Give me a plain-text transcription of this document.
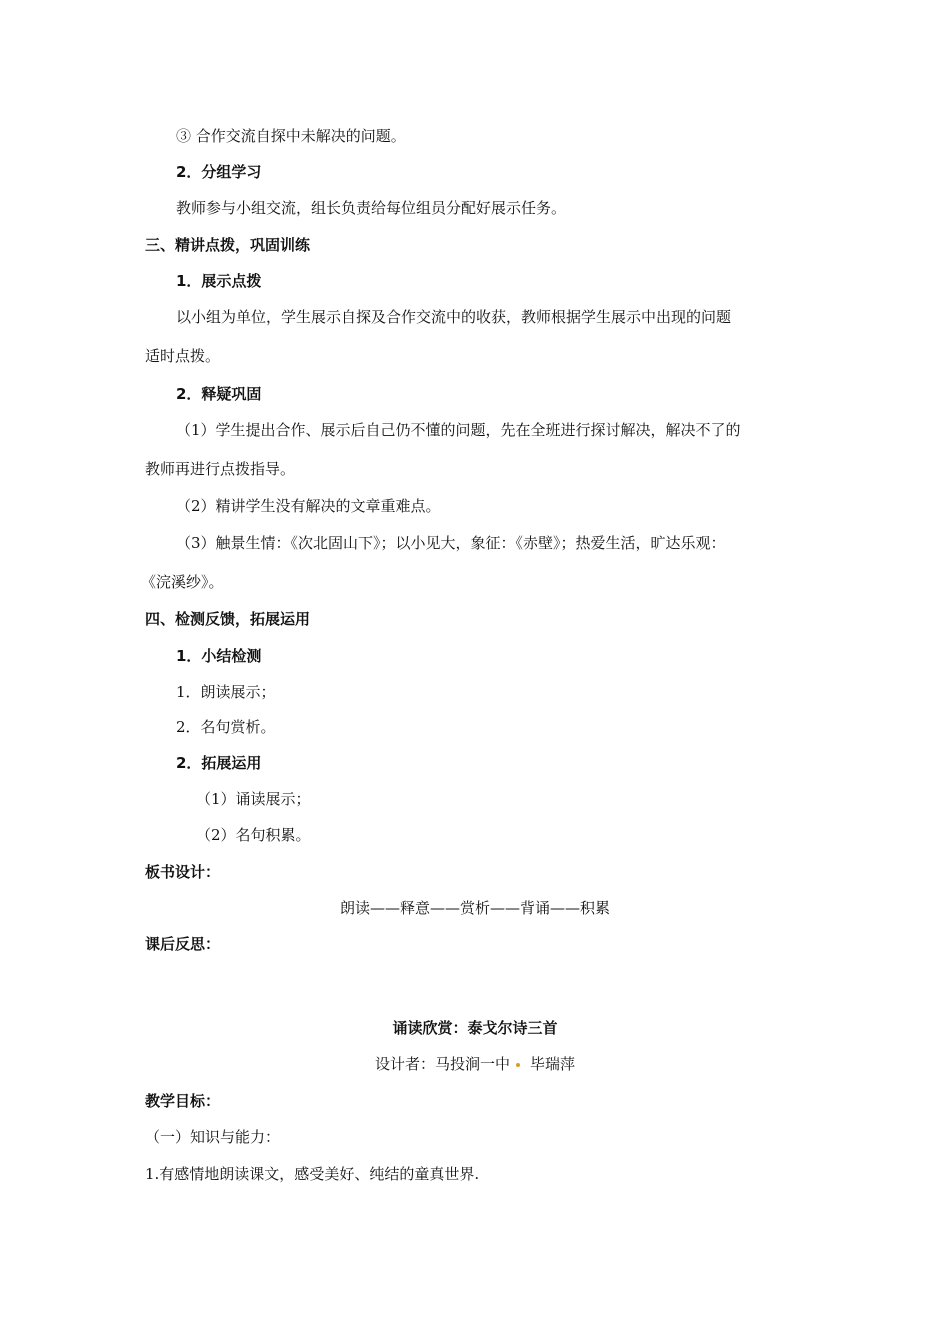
③ 合作交流自探中未解决的问题。
2．分组学习
教师参与小组交流，组长负责给每位组员分配好展示任务。
三、精讲点拨，巩固训练
1．展示点拨
以小组为单位，学生展示自探及合作交流中的收获，教师根据学生展示中出现的问题
适时点拨。
2．释疑巩固
（1）学生提出合作、展示后自己仍不懂的问题，先在全班进行探讨解决，解决不了的
教师再进行点拨指导。
（2）精讲学生没有解决的文章重难点。
（3）触景生情：《次北固山下》；以小见大，象征：《赤壁》；热爱生活，旷达乐观：
《浣溪纱》。
四、检测反馈，拓展运用
1．小结检测
1．朗读展示；
2．名句赏析。
2．拓展运用
（1）诵读展示；
（2）名句积累。
板书设计：
朗读——释意——赏析——背诵——积累
课后反思：
诵读欣赏：泰戈尔诗三首
设计者：马投涧一中 毕瑞萍
教学目标：
（一）知识与能力：
1.有感情地朗读课文，感受美好、纯结的童真世界.
